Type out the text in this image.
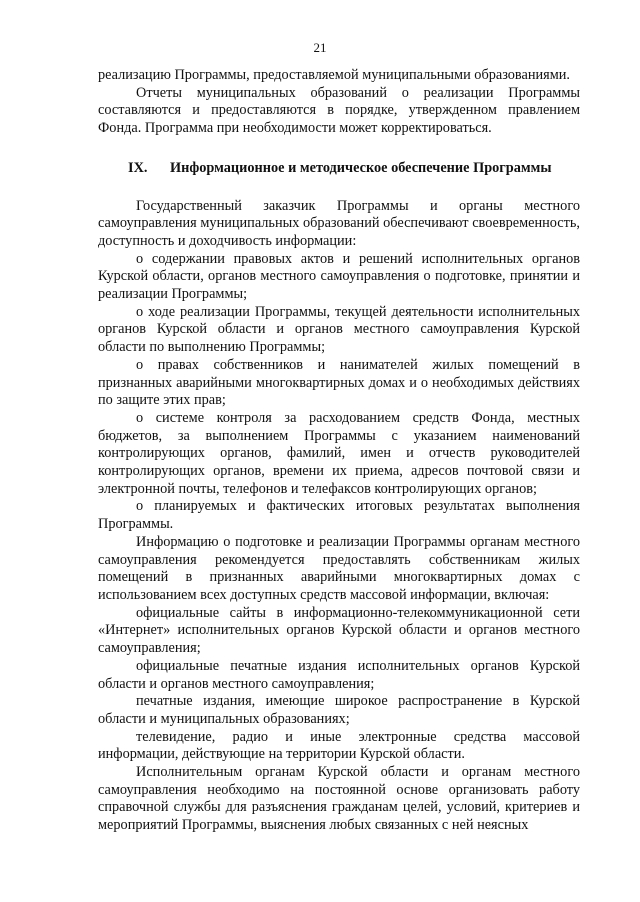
21

реализацию Программы, предоставляемой муниципальными образованиями.

Отчеты муниципальных образований о реализации Программы составляются и предоставляются в порядке, утвержденном правлением Фонда. Программа при необходимости может корректироваться.

IX. Информационное и методическое обеспечение Программы

Государственный заказчик Программы и органы местного самоуправления муниципальных образований обеспечивают своевременность, доступность и доходчивость информации:

о содержании правовых актов и решений исполнительных органов Курской области, органов местного самоуправления о подготовке, принятии и реализации Программы;

о ходе реализации Программы, текущей деятельности исполнительных органов Курской области и органов местного самоуправления Курской области по выполнению Программы;

о правах собственников и нанимателей жилых помещений в признанных аварийными многоквартирных домах и о необходимых действиях по защите этих прав;

о системе контроля за расходованием средств Фонда, местных бюджетов, за выполнением Программы с указанием наименований контролирующих органов, фамилий, имен и отчеств руководителей контролирующих органов, времени их приема, адресов почтовой связи и электронной почты, телефонов и телефаксов контролирующих органов;

о планируемых и фактических итоговых результатах выполнения Программы.

Информацию о подготовке и реализации Программы органам местного самоуправления рекомендуется предоставлять собственникам жилых помещений в признанных аварийными многоквартирных домах с использованием всех доступных средств массовой информации, включая:

официальные сайты в информационно-телекоммуникационной сети «Интернет» исполнительных органов Курской области и органов местного самоуправления;

официальные печатные издания исполнительных органов Курской области и органов местного самоуправления;

печатные издания, имеющие широкое распространение в Курской области и муниципальных образованиях;

телевидение, радио и иные электронные средства массовой информации, действующие на территории Курской области.

Исполнительным органам Курской области и органам местного самоуправления необходимо на постоянной основе организовать работу справочной службы для разъяснения гражданам целей, условий, критериев и мероприятий Программы, выяснения любых связанных с ней неясных
